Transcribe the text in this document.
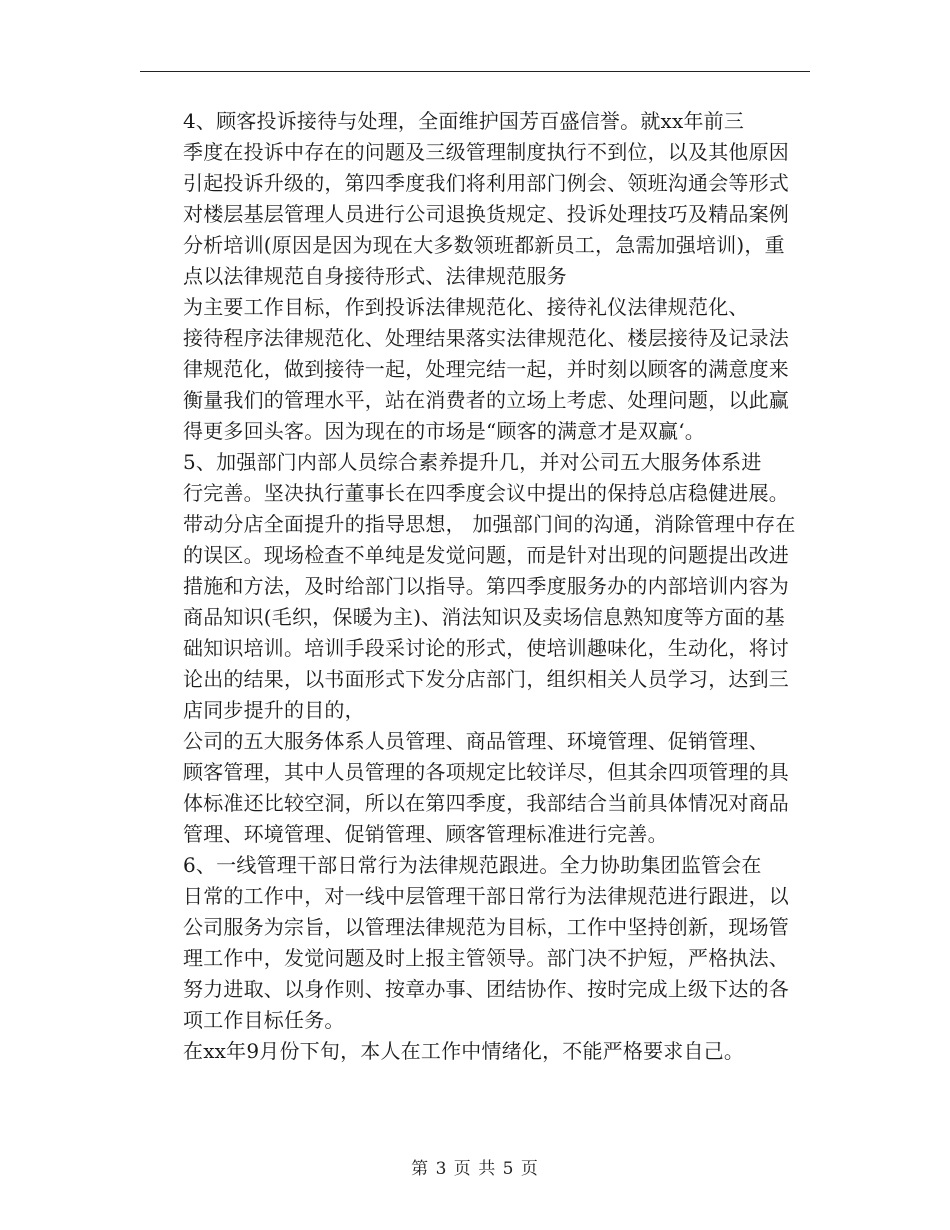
4、顾客投诉接待与处理，全面维护国芳百盛信誉。就xx年前三
季度在投诉中存在的问题及三级管理制度执行不到位，以及其他原因
引起投诉升级的，第四季度我们将利用部门例会、领班沟通会等形式
对楼层基层管理人员进行公司退换货规定、投诉处理技巧及精品案例
分析培训(原因是因为现在大多数领班都新员工，急需加强培训)，重
点以法律规范自身接待形式、法律规范服务

为主要工作目标，作到投诉法律规范化、接待礼仪法律规范化、
接待程序法律规范化、处理结果落实法律规范化、楼层接待及记录法
律规范化，做到接待一起，处理完结一起，并时刻以顾客的满意度来
衡量我们的管理水平，站在消费者的立场上考虑、处理问题，以此赢
得更多回头客。因为现在的市场是“顾客的满意才是双赢‘。

5、加强部门内部人员综合素养提升几，并对公司五大服务体系进
行完善。坚决执行董事长在四季度会议中提出的保持总店稳健进展。
带动分店全面提升的指导思想， 加强部门间的沟通，消除管理中存在
的误区。现场检查不单纯是发觉问题，而是针对出现的问题提出改进
措施和方法，及时给部门以指导。第四季度服务办的内部培训内容为
商品知识(毛织，保暖为主)、消法知识及卖场信息熟知度等方面的基
础知识培训。培训手段采讨论的形式，使培训趣味化，生动化，将讨
论出的结果，以书面形式下发分店部门，组织相关人员学习，达到三
店同步提升的目的，

公司的五大服务体系人员管理、商品管理、环境管理、促销管理、
顾客管理，其中人员管理的各项规定比较详尽，但其余四项管理的具
体标准还比较空洞，所以在第四季度，我部结合当前具体情况对商品
管理、环境管理、促销管理、顾客管理标准进行完善。

6、一线管理干部日常行为法律规范跟进。全力协助集团监管会在
日常的工作中，对一线中层管理干部日常行为法律规范进行跟进，以
公司服务为宗旨，以管理法律规范为目标，工作中坚持创新，现场管
理工作中，发觉问题及时上报主管领导。部门决不护短，严格执法、
努力进取、以身作则、按章办事、团结协作、按时完成上级下达的各
项工作目标任务。

在xx年9月份下旬，本人在工作中情绪化，不能严格要求自己。

第 3 页 共 5 页
